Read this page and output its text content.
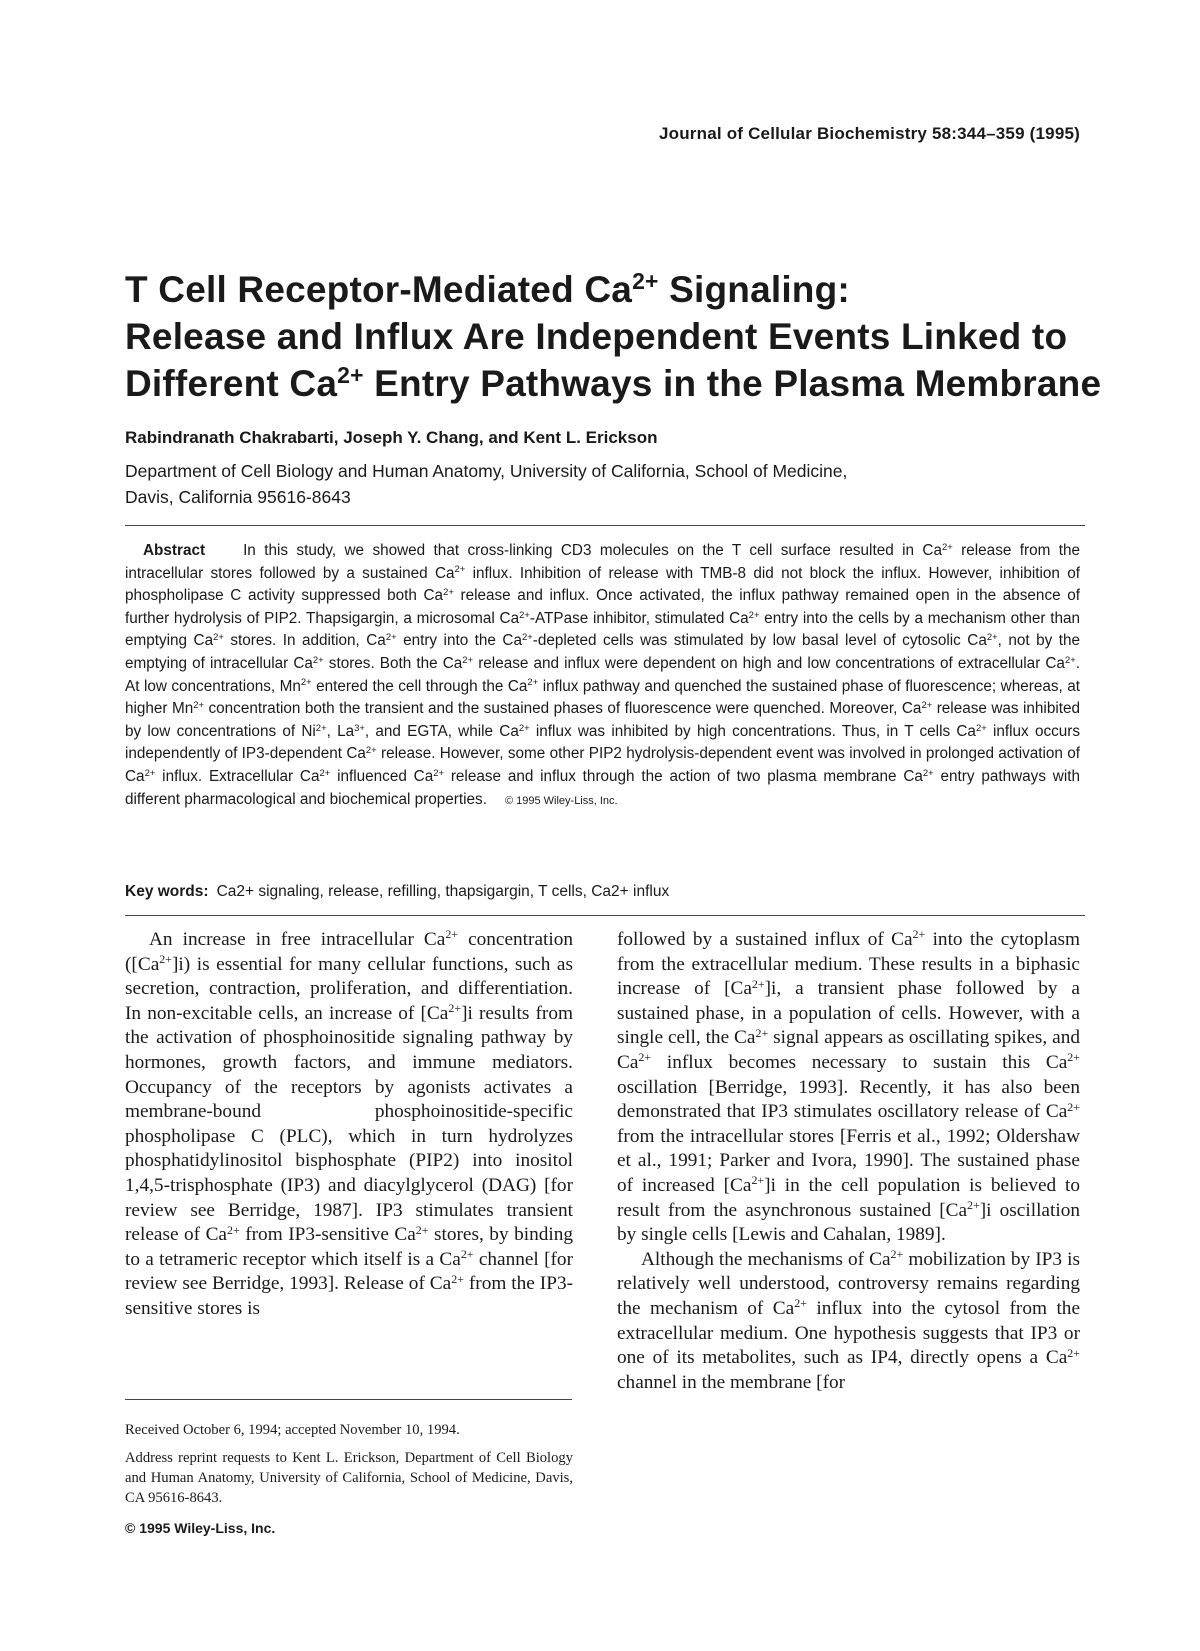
Journal of Cellular Biochemistry 58:344–359 (1995)
T Cell Receptor-Mediated $Ca^{2+}$ Signaling:
Release and Influx Are Independent Events Linked to
Different $Ca^{2+}$ Entry Pathways in the Plasma Membrane
Rabindranath Chakrabarti, Joseph Y. Chang, and Kent L. Erickson
Department of Cell Biology and Human Anatomy, University of California, School of Medicine,
Davis, California 95616-8643
Abstract In this study, we showed that cross-linking CD3 molecules on the T cell surface resulted in $Ca^{2+}$ release from the intracellular stores followed by a sustained $Ca^{2+}$ influx. Inhibition of release with TMB-8 did not block the influx. However, inhibition of phospholipase C activity suppressed both $Ca^{2+}$ release and influx. Once activated, the influx pathway remained open in the absence of further hydrolysis of PIP2. Thapsigargin, a microsomal $Ca^{2+}$-ATPase inhibitor, stimulated $Ca^{2+}$ entry into the cells by a mechanism other than emptying $Ca^{2+}$ stores. In addition, $Ca^{2+}$ entry into the $Ca^{2+}$-depleted cells was stimulated by low basal level of cytosolic $Ca^{2+}$, not by the emptying of intracellular $Ca^{2+}$ stores. Both the $Ca^{2+}$ release and influx were dependent on high and low concentrations of extracellular $Ca^{2+}$. At low concentrations, $Mn^{2+}$ entered the cell through the $Ca^{2+}$ influx pathway and quenched the sustained phase of fluorescence; whereas, at higher $Mn^{2+}$ concentration both the transient and the sustained phases of fluorescence were quenched. Moreover, $Ca^{2+}$ release was inhibited by low concentrations of $Ni^{2+}$, $La^{3+}$, and EGTA, while $Ca^{2+}$ influx was inhibited by high concentrations. Thus, in T cells $Ca^{2+}$ influx occurs independently of IP3-dependent $Ca^{2+}$ release. However, some other PIP2 hydrolysis-dependent event was involved in prolonged activation of $Ca^{2+}$ influx. Extracellular $Ca^{2+}$ influenced $Ca^{2+}$ release and influx through the action of two plasma membrane $Ca^{2+}$ entry pathways with different pharmacological and biochemical properties. © 1995 Wiley-Liss, Inc.
Key words: Ca2+ signaling, release, refilling, thapsigargin, T cells, Ca2+ influx

An increase in free intracellular $Ca^{2+}$ concentration $([Ca^{2+}]i)$ is essential for many cellular functions, such as secretion, contraction, proliferation, and differentiation. In non-excitable cells, an increase of $[Ca^{2+}]i$ results from the activation of phosphoinositide signaling pathway by hormones, growth factors, and immune mediators. Occupancy of the receptors by agonists activates a membrane-bound phosphoinositide-specific phospholipase C (PLC), which in turn hydrolyzes phosphatidylinositol bisphosphate (PIP2) into inositol 1,4,5-trisphosphate (IP3) and diacylglycerol (DAG) [for review see Berridge, 1987]. IP3 stimulates transient release of $Ca^{2+}$ from IP3-sensitive $Ca^{2+}$ stores, by binding to a tetrameric receptor which itself is a $Ca^{2+}$ channel [for review see Berridge, 1993]. Release of $Ca^{2+}$ from the IP3-sensitive stores is

followed by a sustained influx of $Ca^{2+}$ into the cytoplasm from the extracellular medium. These results in a biphasic increase of $[Ca^{2+}]i$, a transient phase followed by a sustained phase, in a population of cells. However, with a single cell, the $Ca^{2+}$ signal appears as oscillating spikes, and $Ca^{2+}$ influx becomes necessary to sustain this $Ca^{2+}$ oscillation [Berridge, 1993]. Recently, it has also been demonstrated that IP3 stimulates oscillatory release of $Ca^{2+}$ from the intracellular stores [Ferris et al., 1992; Oldershaw et al., 1991; Parker and Ivora, 1990]. The sustained phase of increased $[Ca^{2+}]i$ in the cell population is believed to result from the asynchronous sustained $[Ca^{2+}]i$ oscillation by single cells [Lewis and Cahalan, 1989].

Although the mechanisms of $Ca^{2+}$ mobilization by IP3 is relatively well understood, controversy remains regarding the mechanism of $Ca^{2+}$ influx into the cytosol from the extracellular medium. One hypothesis suggests that IP3 or one of its metabolites, such as IP4, directly opens a $Ca^{2+}$ channel in the membrane [for

Received October 6, 1994; accepted November 10, 1994.

Address reprint requests to Kent L. Erickson, Department of Cell Biology and Human Anatomy, University of California, School of Medicine, Davis, CA 95616-8643.

© 1995 Wiley-Liss, Inc.
